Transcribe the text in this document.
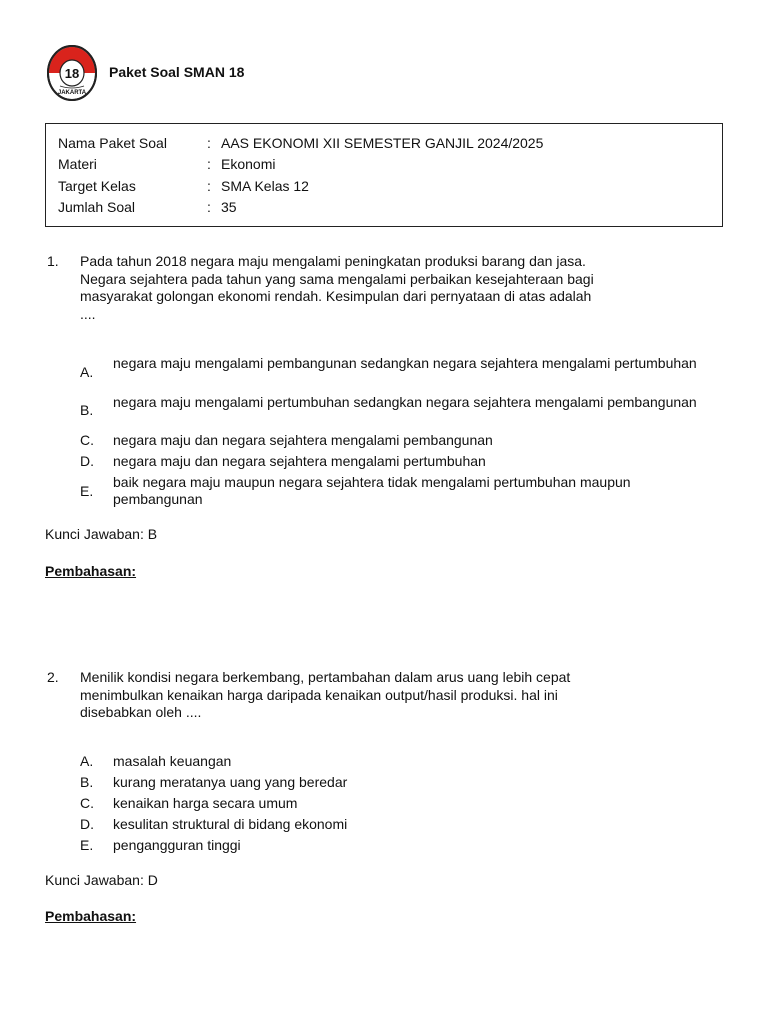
18
JAKARTA
Paket Soal SMAN 18
Nama Paket Soal	: AAS EKONOMI XII SEMESTER GANJIL 2024/2025
Materi	: Ekonomi
Target Kelas	: SMA Kelas 12
Jumlah Soal	: 35
1. Pada tahun 2018 negara maju mengalami peningkatan produksi barang dan jasa. Negara sejahtera pada tahun yang sama mengalami perbaikan kesejahteraan bagi masyarakat golongan ekonomi rendah. Kesimpulan dari pernyataan di atas adalah ....
A.
negara maju mengalami pembangunan sedangkan negara sejahtera mengalami pertumbuhan
B. negara maju mengalami pertumbuhan sedangkan negara sejahtera mengalami pembangunan
C. negara maju dan negara sejahtera mengalami pembangunan
D. negara maju dan negara sejahtera mengalami pertumbuhan
E.
baik negara maju maupun negara sejahtera tidak mengalami pertumbuhan maupun pembangunan
Kunci Jawaban: B
Pembahasan:
2. Menilik kondisi negara berkembang, pertambahan dalam arus uang lebih cepat menimbulkan kenaikan harga daripada kenaikan output/hasil produksi. hal ini disebabkan oleh ....
A. masalah keuangan
B. kurang meratanya uang yang beredar
C. kenaikan harga secara umum
D. kesulitan struktural di bidang ekonomi
E. pengangguran tinggi
Kunci Jawaban: D
Pembahasan:
